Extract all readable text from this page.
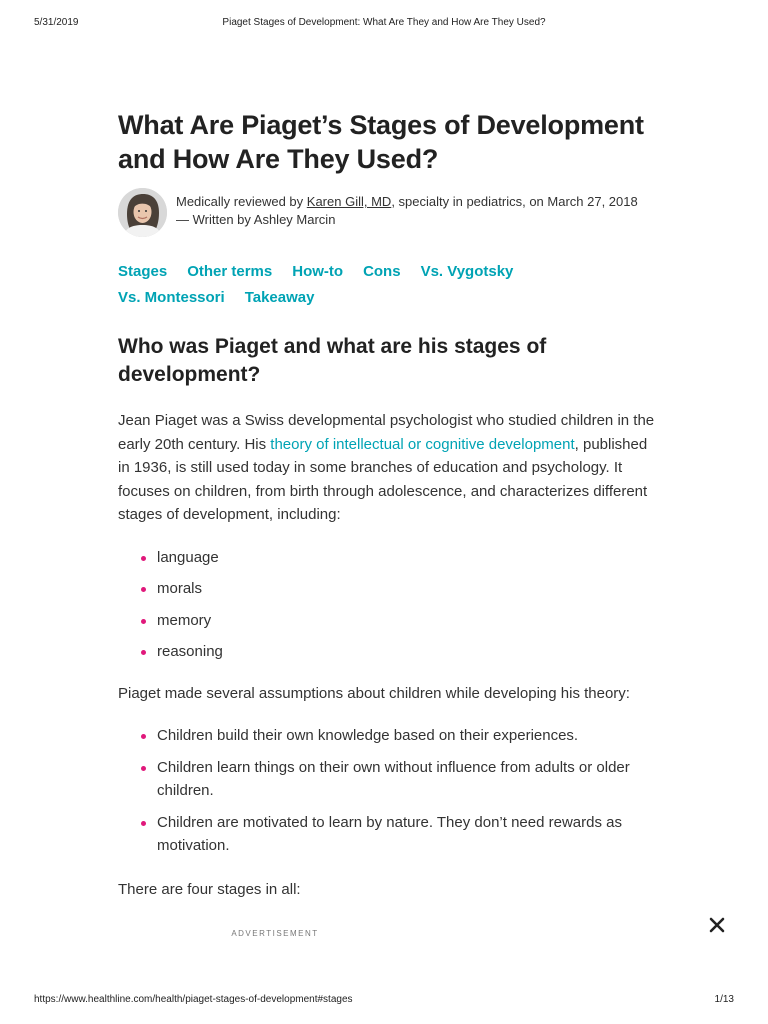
5/31/2019	Piaget Stages of Development: What Are They and How Are They Used?
What Are Piaget’s Stages of Development and How Are They Used?
Medically reviewed by Karen Gill, MD, specialty in pediatrics, on March 27, 2018
— Written by Ashley Marcin
Stages Other terms How-to Cons Vs. Vygotsky
Vs. Montessori Takeaway
Who was Piaget and what are his stages of development?

Jean Piaget was a Swiss developmental psychologist who studied children in the early 20th century. His theory of intellectual or cognitive development, published in 1936, is still used today in some branches of education and psychology. It focuses on children, from birth through adolescence, and characterizes different stages of development, including:

language
morals
memory
reasoning

Piaget made several assumptions about children while developing his theory:

Children build their own knowledge based on their experiences.
Children learn things on their own without influence from adults or older children.
Children are motivated to learn by nature. They don’t need rewards as motivation.

There are four stages in all:

ADVERTISEMENT
https://www.healthline.com/health/piaget-stages-of-development#stages	1/13
